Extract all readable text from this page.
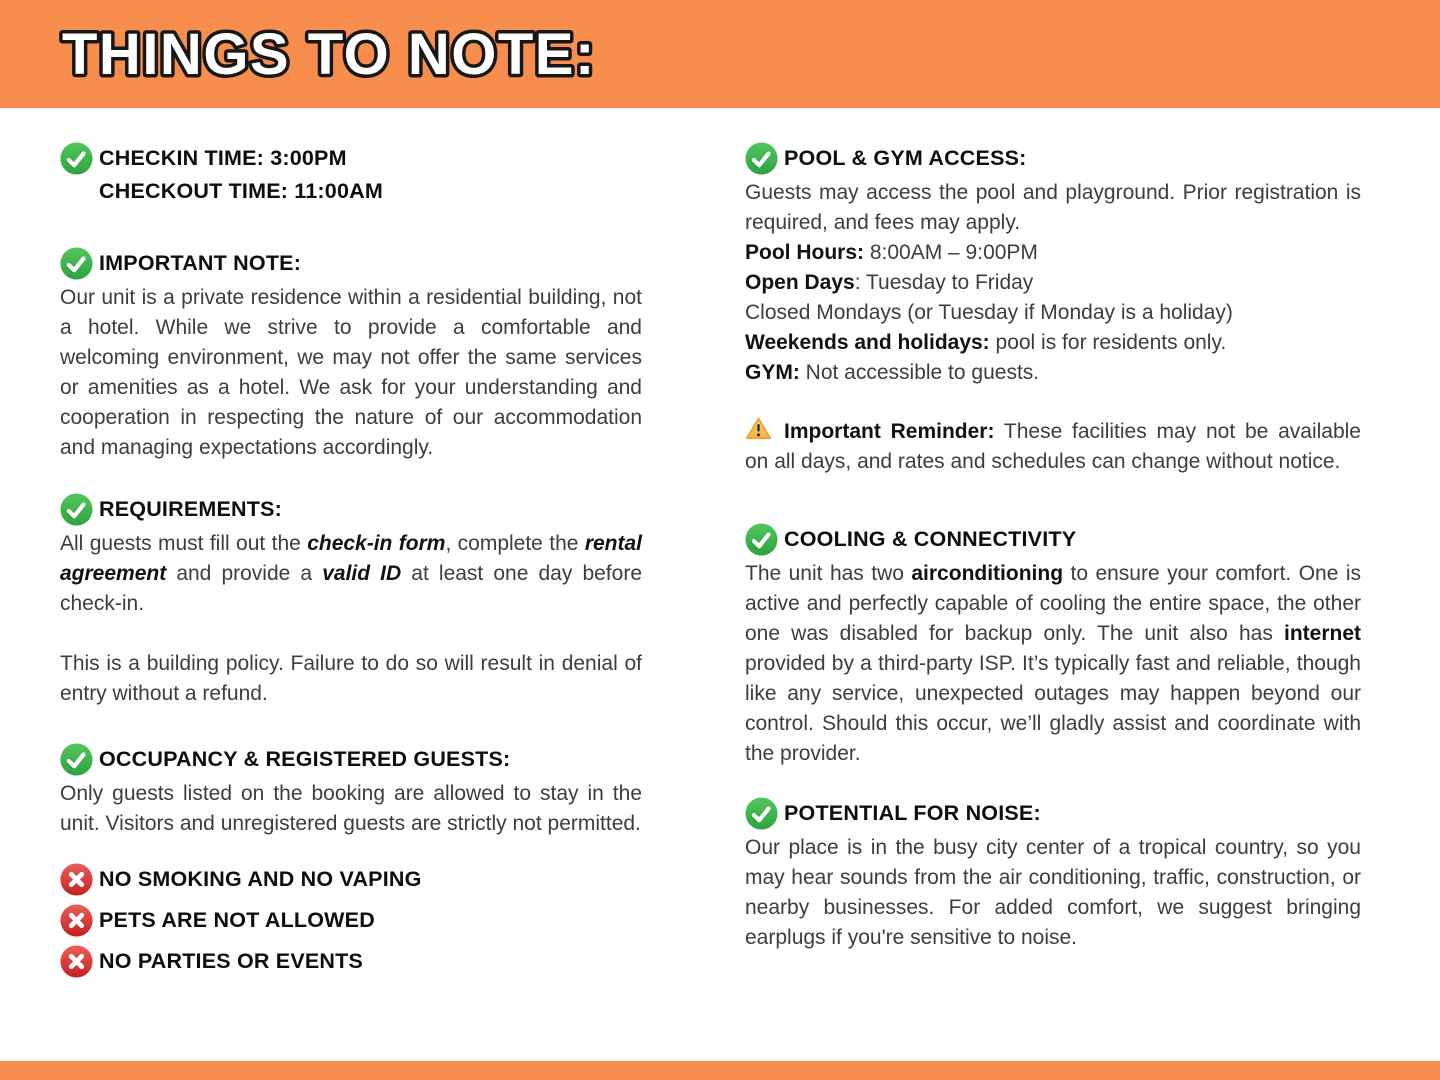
THINGS TO NOTE:
CHECKIN TIME: 3:00PM
CHECKOUT TIME: 11:00AM
IMPORTANT NOTE:
Our unit is a private residence within a residential building, not a hotel. While we strive to provide a comfortable and welcoming environment, we may not offer the same services or amenities as a hotel. We ask for your understanding and cooperation in respecting the nature of our accommodation and managing expectations accordingly.
REQUIREMENTS:
All guests must fill out the check-in form, complete the rental agreement and provide a valid ID at least one day before check-in.
This is a building policy. Failure to do so will result in denial of entry without a refund.
OCCUPANCY & REGISTERED GUESTS:
Only guests listed on the booking are allowed to stay in the unit. Visitors and unregistered guests are strictly not permitted.
NO SMOKING AND NO VAPING
PETS ARE NOT ALLOWED
NO PARTIES OR EVENTS
POOL & GYM ACCESS:
Guests may access the pool and playground. Prior registration is required, and fees may apply.
Pool Hours: 8:00AM – 9:00PM
Open Days: Tuesday to Friday
Closed Mondays (or Tuesday if Monday is a holiday)
Weekends and holidays: pool is for residents only.
GYM: Not accessible to guests.
Important Reminder: These facilities may not be available on all days, and rates and schedules can change without notice.
COOLING & CONNECTIVITY
The unit has two airconditioning to ensure your comfort. One is active and perfectly capable of cooling the entire space, the other one was disabled for backup only. The unit also has internet provided by a third-party ISP. It’s typically fast and reliable, though like any service, unexpected outages may happen beyond our control. Should this occur, we’ll gladly assist and coordinate with the provider.
POTENTIAL FOR NOISE:
Our place is in the busy city center of a tropical country, so you may hear sounds from the air conditioning, traffic, construction, or nearby businesses. For added comfort, we suggest bringing earplugs if you're sensitive to noise.
